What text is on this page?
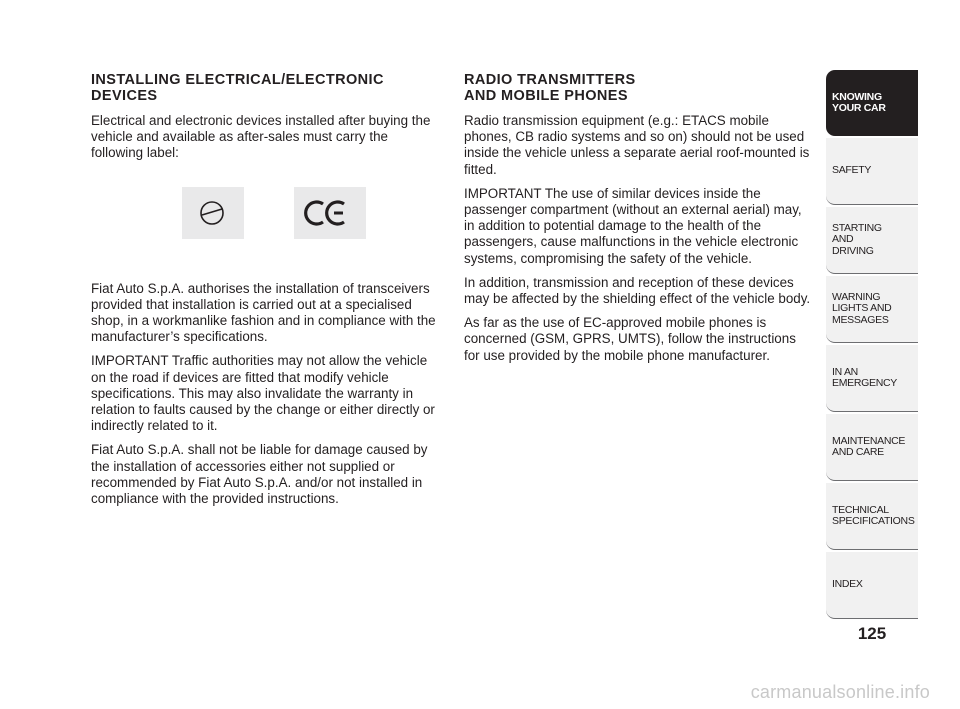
INSTALLING ELECTRICAL/ELECTRONIC
DEVICES

Electrical and electronic devices installed after buying the vehicle and available as after-sales must carry the following label:

Fiat Auto S.p.A. authorises the installation of transceivers provided that installation is carried out at a specialised shop, in a workmanlike fashion and in compliance with the manufacturer’s specifications.

IMPORTANT Traffic authorities may not allow the vehicle on the road if devices are fitted that modify vehicle specifications. This may also invalidate the warranty in relation to faults caused by the change or either directly or indirectly related to it.

Fiat Auto S.p.A. shall not be liable for damage caused by the installation of accessories either not supplied or recommended by Fiat Auto S.p.A. and/or not installed in compliance with the provided instructions.

RADIO TRANSMITTERS
AND MOBILE PHONES

Radio transmission equipment (e.g.: ETACS mobile phones, CB radio systems and so on) should not be used inside the vehicle unless a separate aerial roof-mounted is fitted.

IMPORTANT The use of similar devices inside the passenger compartment (without an external aerial) may, in addition to potential damage to the health of the passengers, cause malfunctions in the vehicle electronic systems, compromising the safety of the vehicle.

In addition, transmission and reception of these devices may be affected by the shielding effect of the vehicle body.

As far as the use of EC-approved mobile phones is concerned (GSM, GPRS, UMTS), follow the instructions for use provided by the mobile phone manufacturer.

KNOWING
YOUR CAR
SAFETY
STARTING
AND
DRIVING
WARNING
LIGHTS AND
MESSAGES
IN AN
EMERGENCY
MAINTENANCE
AND CARE
TECHNICAL
SPECIFICATIONS
INDEX
125
carmanualsonline.info
